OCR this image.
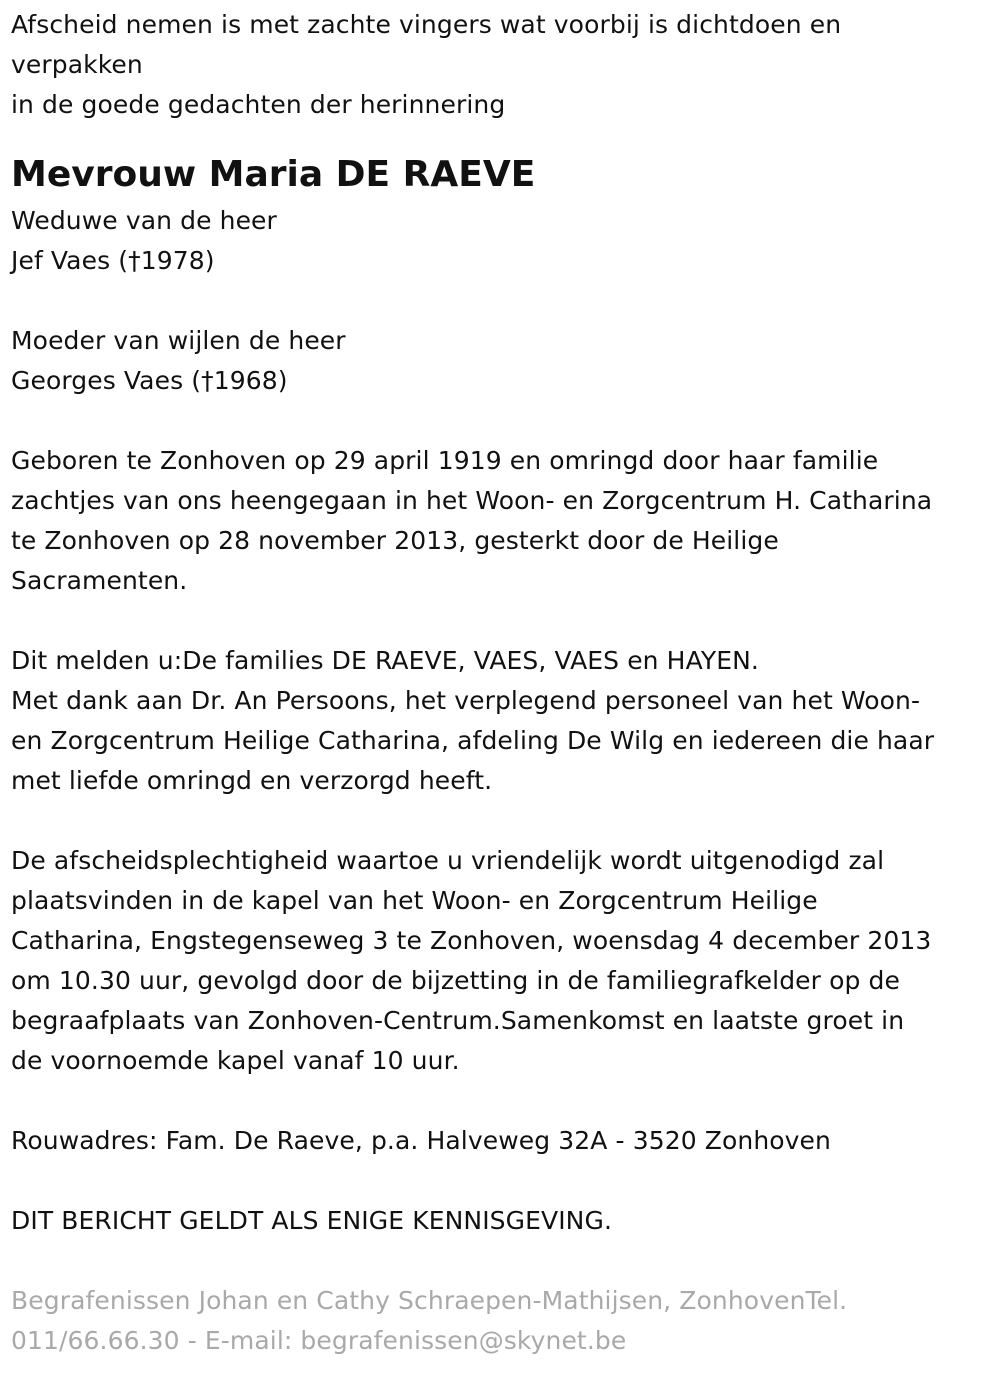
Afscheid nemen is met zachte vingers wat voorbij is dichtdoen en
verpakken
in de goede gedachten der herinnering
Mevrouw Maria DE RAEVE
Weduwe van de heer
Jef Vaes (†1978)
Moeder van wijlen de heer
Georges Vaes (†1968)
Geboren te Zonhoven op 29 april 1919 en omringd door haar familie
zachtjes van ons heengegaan in het Woon- en Zorgcentrum H. Catharina
te Zonhoven op 28 november 2013, gesterkt door de Heilige
Sacramenten.
Dit melden u:De families DE RAEVE, VAES, VAES en HAYEN.
Met dank aan Dr. An Persoons, het verplegend personeel van het Woon-
en Zorgcentrum Heilige Catharina, afdeling De Wilg en iedereen die haar
met liefde omringd en verzorgd heeft.
De afscheidsplechtigheid waartoe u vriendelijk wordt uitgenodigd zal
plaatsvinden in de kapel van het Woon- en Zorgcentrum Heilige
Catharina, Engstegenseweg 3 te Zonhoven, woensdag 4 december 2013
om 10.30 uur, gevolgd door de bijzetting in de familiegrafkelder op de
begraafplaats van Zonhoven-Centrum.Samenkomst en laatste groet in
de voornoemde kapel vanaf 10 uur.
Rouwadres: Fam. De Raeve, p.a. Halveweg 32A - 3520 Zonhoven
DIT BERICHT GELDT ALS ENIGE KENNISGEVING.
Begrafenissen Johan en Cathy Schraepen-Mathijsen, ZonhovenTel.
011/66.66.30 - E-mail: begrafenissen@skynet.be
